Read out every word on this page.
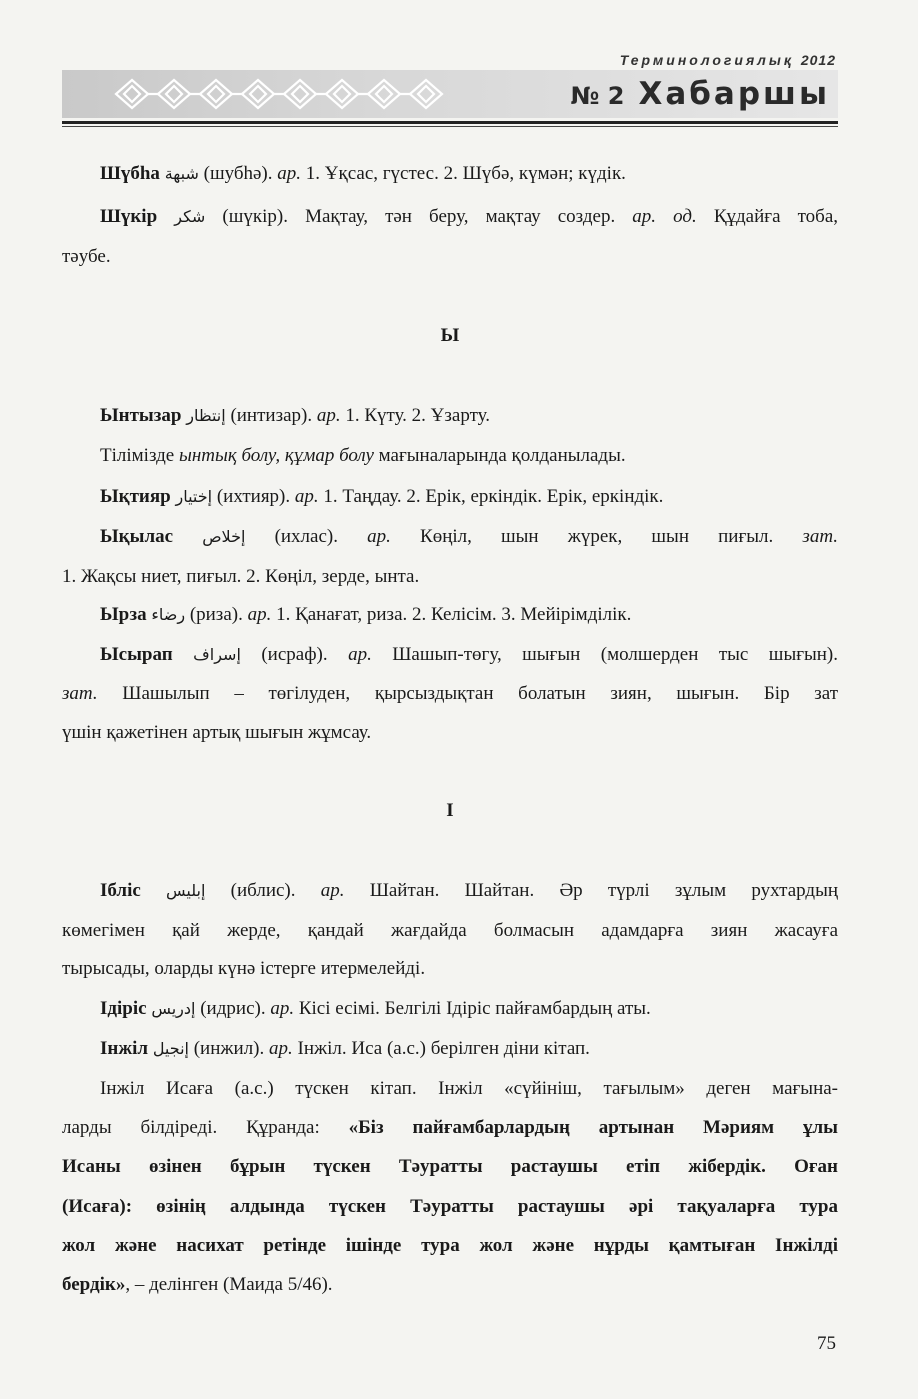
Терминологиялық 2012
№ 2 Хабаршы
Шүбһа شبهة (шубһә). ар. 1. Ұқсас, гүстес. 2. Шүбә, күмән; күдік.
Шүкір شكر (шүкір). Мақтау, тән беру, мақтау создер. ар. од. Құдайға тоба,
тәубе.
Ы
Ынтызар إنتظار (интизар). ар. 1. Күту. 2. Ұзарту.
Тілімізде ынтық болу, құмар болу мағыналарында қолданылады.
Ықтияр إختيار (ихтияр). ар. 1. Таңдау. 2. Ерік, еркіндік. Ерік, еркіндік.
Ықылас إخلاص (ихлас). ар. Көңіл, шын жүрек, шын пиғыл. зат.
1. Жақсы ниет, пиғыл. 2. Көңіл, зерде, ынта.
Ырза رضاء (риза). ар. 1. Қанағат, риза. 2. Келісім. 3. Мейірімділік.
Ысырап إسراف (исраф). ар. Шашып-төгу, шығын (молшерден тыс шығын).
зат. Шашылып – төгілуден, қырсыздықтан болатын зиян, шығын. Бір зат
үшін қажетінен артық шығын жұмсау.
І
Ібліс إبليس (иблис). ар. Шайтан. Шайтан. Әр түрлі зұлым рухтардың
көмегімен қай жерде, қандай жағдайда болмасын адамдарға зиян жасауға
тырысады, оларды күнә істерге итермелейді.
Ідіріс إدريس (идрис). ар. Кісі есімі. Белгілі Ідіріс пайғамбардың аты.
Інжіл إنجيل (инжил). ар. Інжіл. Иса (а.с.) берілген діни кітап.
Інжіл Исаға (а.с.) түскен кітап. Інжіл «сүйініш, тағылым» деген мағына-
ларды білдіреді. Құранда: «Біз пайғамбарлардың артынан Мәриям ұлы
Исаны өзінен бұрын түскен Тәуратты растаушы етіп жібердік. Оған
(Исаға): өзінің алдында түскен Тәуратты растаушы әрі тақуаларға тура
жол және насихат ретінде ішінде тура жол және нұрды қамтыған Інжілді
бердік», – делінген (Маида 5/46).
75
